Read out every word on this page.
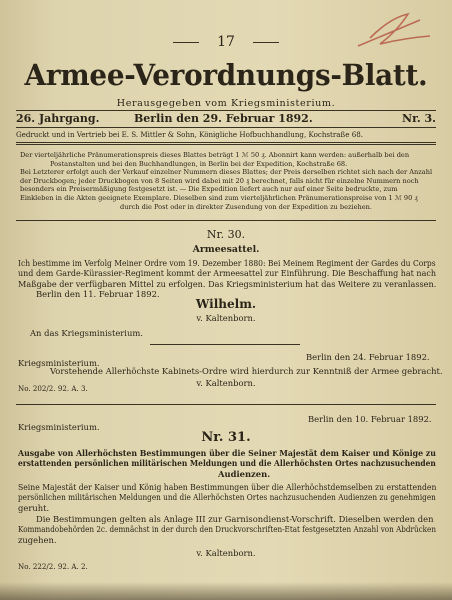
17
Armee-Verordnungs-Blatt.
Herausgegeben vom Kriegsministerium.
26. Jahrgang.	Berlin den 29. Februar 1892.	Nr. 3.
Gedruckt und in Vertrieb bei E. S. Mittler & Sohn, Königliche Hofbuchhandlung, Kochstraße 68.
Der vierteljährliche Pränumerationspreis dieses Blattes beträgt 1 ℳ 50 ₰. Abonnirt kann werden: außerhalb bei den
Postanstalten und bei den Buchhandlungen, in Berlin bei der Expedition, Kochstraße 68.
Bei Letzterer erfolgt auch der Verkauf einzelner Nummern dieses Blattes; der Preis derselben richtet sich nach der Anzahl
der Druckbogen; jeder Druckbogen von 8 Seiten wird dabei mit 20 ₰ berechnet, falls nicht für einzelne Nummern noch
besonders ein Preisermäßigung festgesetzt ist. — Die Expedition liefert auch nur auf einer Seite bedruckte, zum
Einkleben in die Akten geeignete Exemplare. Dieselben sind zum vierteljährlichen Pränumerationspreise von 1 ℳ 90 ₰
durch die Post oder in direkter Zusendung von der Expedition zu beziehen.
Nr. 30.
Armeesattel.
Ich bestimme im Verfolg Meiner Ordre vom 19. Dezember 1880: Bei Meinem Regiment der Gardes du Corps
und dem Garde-Kürassier-Regiment kommt der Armeesattel zur Einführung. Die Beschaffung hat nach
Maßgabe der verfügbaren Mittel zu erfolgen. Das Kriegsministerium hat das Weitere zu veranlassen.
Berlin den 11. Februar 1892.
Wilhelm.
v. Kaltenborn.
An das Kriegsministerium.
Kriegsministerium.
Berlin den 24. Februar 1892.
Vorstehende Allerhöchste Kabinets-Ordre wird hierdurch zur Kenntniß der Armee gebracht.
v. Kaltenborn.
No. 202/2. 92. A. 3.
Berlin den 10. Februar 1892.
Kriegsministerium.
Nr. 31.
Ausgabe von Allerhöchsten Bestimmungen über die Seiner Majestät dem Kaiser und Könige zu
erstattenden persönlichen militärischen Meldungen und die Allerhöchsten Ortes nachzusuchenden
Audienzen.
Seine Majestät der Kaiser und König haben Bestimmungen über die Allerhöchstdemselben zu erstattenden
persönlichen militärischen Meldungen und die Allerhöchsten Ortes nachzusuchenden Audienzen zu genehmigen
geruht.
Die Bestimmungen gelten als Anlage III zur Garnisondienst-Vorschrift. Dieselben werden den
Kommandobehörden 2c. demnächst in der durch den Druckvorschriften-Etat festgesetzten Anzahl von Abdrücken
zugehen.
v. Kaltenborn.
No. 222/2. 92. A. 2.
